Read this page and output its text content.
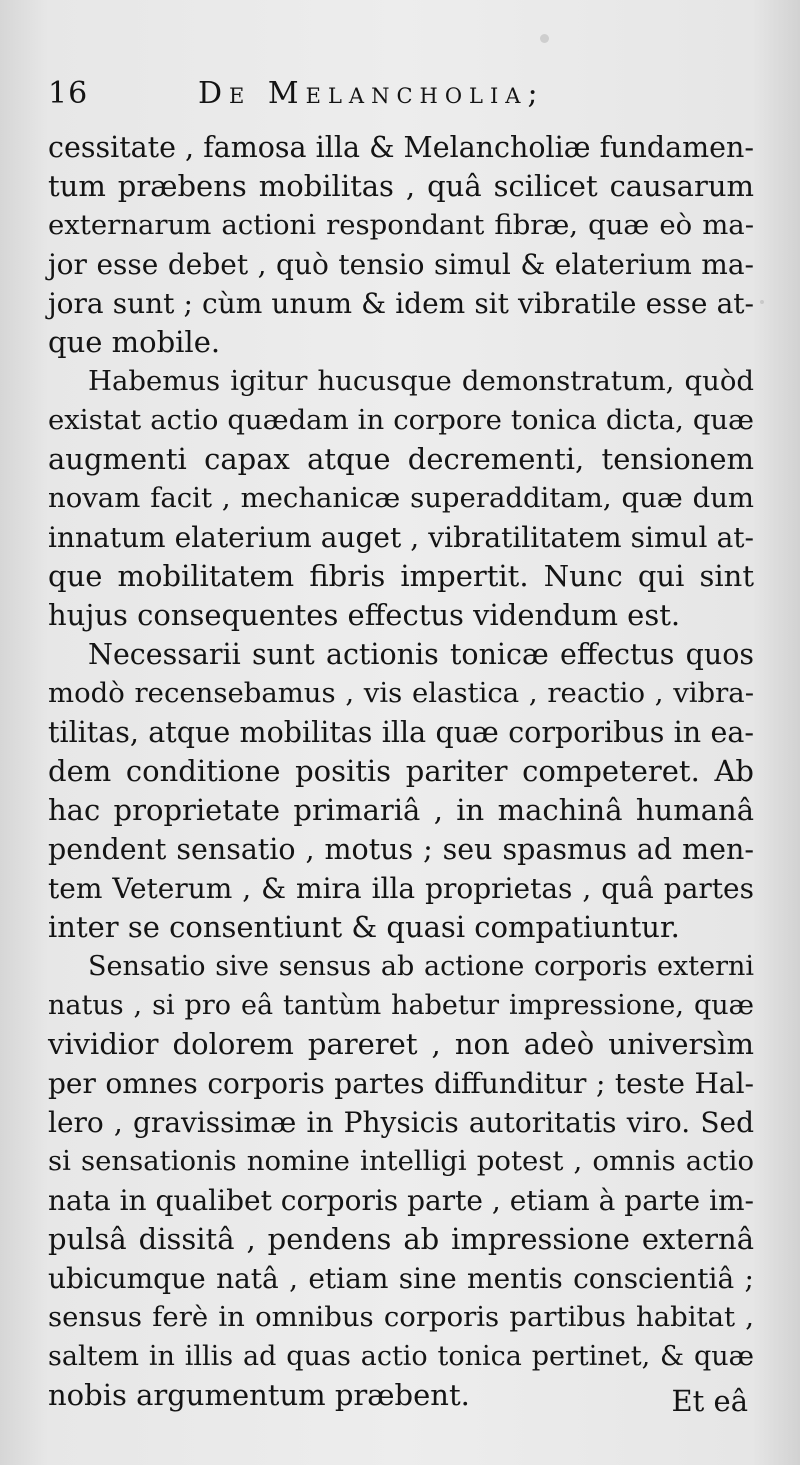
16	De Melancholia;
cessitate , famosa illa & Melancholiæ fundamen-
tum præbens mobilitas , quâ scilicet causarum
externarum actioni respondant fibræ, quæ eò ma-
jor esse debet , quò tensio simul & elaterium ma-
jora sunt ; cùm unum & idem sit vibratile esse at-
que mobile.
Habemus igitur hucusque demonstratum, quòd
existat actio quædam in corpore tonica dicta, quæ
augmenti capax atque decrementi, tensionem
novam facit , mechanicæ superadditam, quæ dum
innatum elaterium auget , vibratilitatem simul at-
que mobilitatem fibris impertit. Nunc qui sint
hujus consequentes effectus videndum est.
Necessarii sunt actionis tonicæ effectus quos
modò recensebamus , vis elastica , reactio , vibra-
tilitas, atque mobilitas illa quæ corporibus in ea-
dem conditione positis pariter competeret. Ab
hac proprietate primariâ , in machinâ humanâ
pendent sensatio , motus ; seu spasmus ad men-
tem Veterum , & mira illa proprietas , quâ partes
inter se consentiunt & quasi compatiuntur.
Sensatio sive sensus ab actione corporis externi
natus , si pro eâ tantùm habetur impressione, quæ
vividior dolorem pareret , non adeò universìm
per omnes corporis partes diffunditur ; teste Hal-
lero , gravissimæ in Physicis autoritatis viro. Sed
si sensationis nomine intelligi potest , omnis actio
nata in qualibet corporis parte , etiam à parte im-
pulsâ dissitâ , pendens ab impressione externâ
ubicumque natâ , etiam sine mentis conscientiâ ;
sensus ferè in omnibus corporis partibus habitat ,
saltem in illis ad quas actio tonica pertinet, & quæ
nobis argumentum præbent.	Et eâ
